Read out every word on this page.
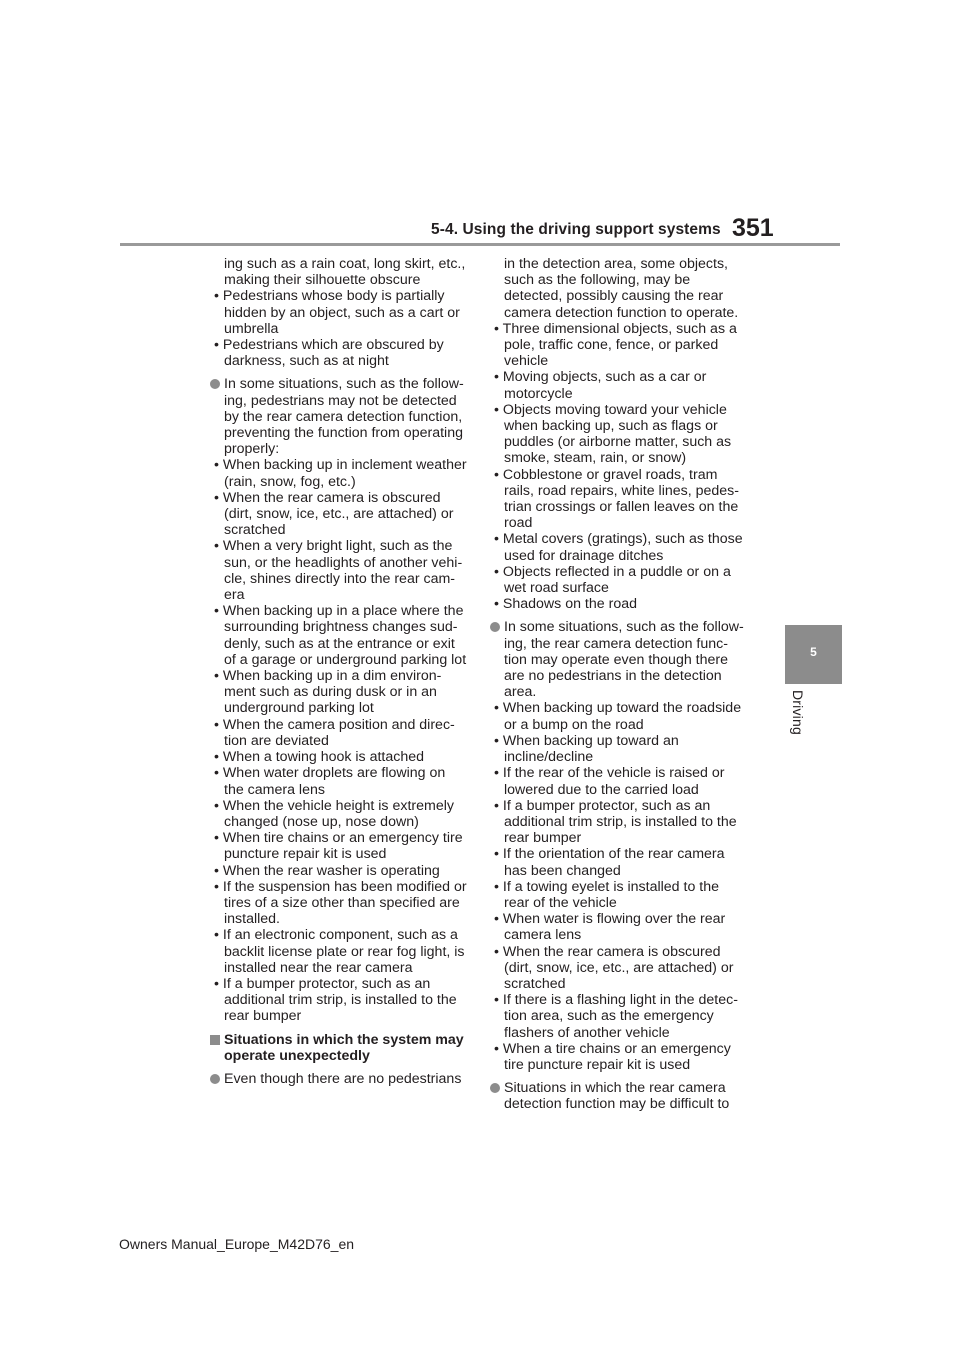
5-4. Using the driving support systems 351
5
Driving

ing such as a rain coat, long skirt, etc., making their silhouette obscure

• Pedestrians whose body is partially hidden by an object, such as a cart or umbrella

• Pedestrians which are obscured by darkness, such as at night

In some situations, such as the follow-ing, pedestrians may not be detected by the rear camera detection function, preventing the function from operating properly:

• When backing up in inclement weather (rain, snow, fog, etc.)

• When the rear camera is obscured (dirt, snow, ice, etc., are attached) or scratched

• When a very bright light, such as the sun, or the headlights of another vehi-cle, shines directly into the rear cam-era

• When backing up in a place where the surrounding brightness changes sud-denly, such as at the entrance or exit of a garage or underground parking lot

• When backing up in a dim environ-ment such as during dusk or in an underground parking lot

• When the camera position and direc-tion are deviated

• When a towing hook is attached

• When water droplets are flowing on the camera lens

• When the vehicle height is extremely changed (nose up, nose down)

• When tire chains or an emergency tire puncture repair kit is used

• When the rear washer is operating

• If the suspension has been modified or tires of a size other than specified are installed.

• If an electronic component, such as a backlit license plate or rear fog light, is installed near the rear camera

• If a bumper protector, such as an additional trim strip, is installed to the rear bumper

Situations in which the system may operate unexpectedly

Even though there are no pedestrians

in the detection area, some objects, such as the following, may be detected, possibly causing the rear camera detection function to operate.

• Three dimensional objects, such as a pole, traffic cone, fence, or parked vehicle

• Moving objects, such as a car or motorcycle

• Objects moving toward your vehicle when backing up, such as flags or puddles (or airborne matter, such as smoke, steam, rain, or snow)

• Cobblestone or gravel roads, tram rails, road repairs, white lines, pedes-trian crossings or fallen leaves on the road

• Metal covers (gratings), such as those used for drainage ditches

• Objects reflected in a puddle or on a wet road surface

• Shadows on the road

In some situations, such as the follow-ing, the rear camera detection func-tion may operate even though there are no pedestrians in the detection area.

• When backing up toward the roadside or a bump on the road

• When backing up toward an incline/decline

• If the rear of the vehicle is raised or lowered due to the carried load

• If a bumper protector, such as an additional trim strip, is installed to the rear bumper

• If the orientation of the rear camera has been changed

• If a towing eyelet is installed to the rear of the vehicle

• When water is flowing over the rear camera lens

• When the rear camera is obscured (dirt, snow, ice, etc., are attached) or scratched

• If there is a flashing light in the detec-tion area, such as the emergency flashers of another vehicle

• When a tire chains or an emergency tire puncture repair kit is used

Situations in which the rear camera detection function may be difficult to

Owners Manual_Europe_M42D76_en
